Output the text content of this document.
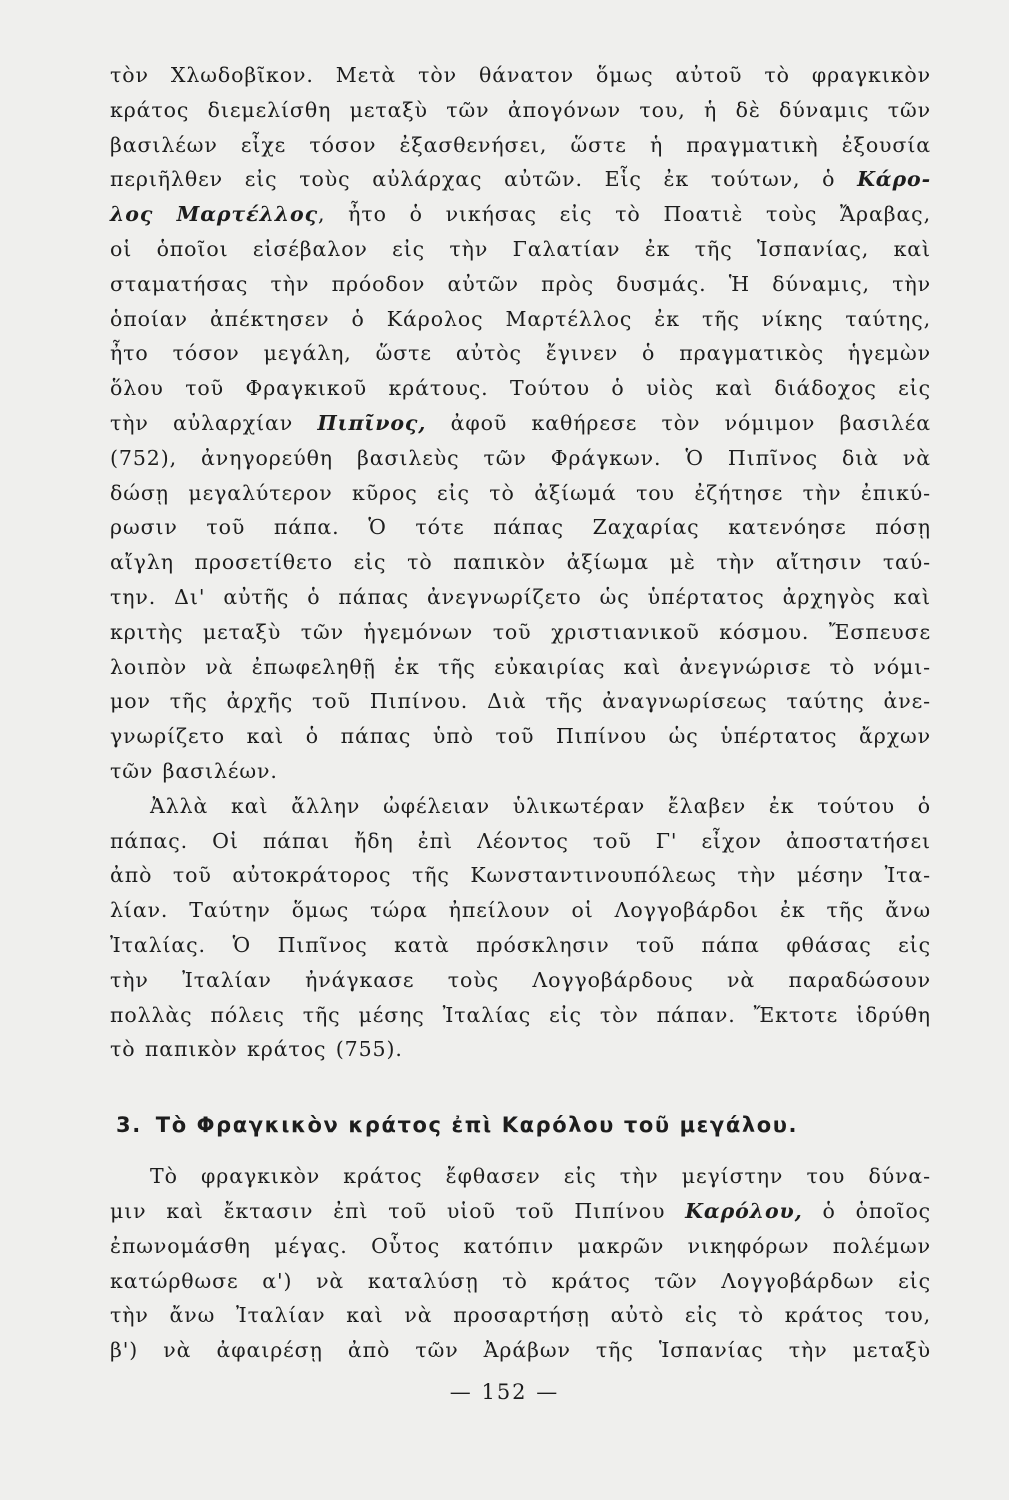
τὸν Χλωδοβῖκον. Μετὰ τὸν θάνατον ὅμως αὐτοῦ τὸ φραγκικὸν

κράτος διεμελίσθη μεταξὺ τῶν ἀπογόνων του, ἡ δὲ δύναμις τῶν

βασιλέων εἶχε τόσον ἐξασθενήσει, ὥστε ἡ πραγματικὴ ἐξουσία

περιῆλθεν εἰς τοὺς αὐλάρχας αὐτῶν. Εἷς ἐκ τούτων, ὁ Κάρο-

λος Μαρτέλλος, ἦτο ὁ νικήσας εἰς τὸ Ποατιὲ τοὺς Ἄραβας,

οἱ ὁποῖοι εἰσέβαλον εἰς τὴν Γαλατίαν ἐκ τῆς Ἱσπανίας, καὶ

σταματήσας τὴν πρόοδον αὐτῶν πρὸς δυσμάς. Ἡ δύναμις, τὴν

ὁποίαν ἀπέκτησεν ὁ Κάρολος Μαρτέλλος ἐκ τῆς νίκης ταύτης,

ἦτο τόσον μεγάλη, ὥστε αὐτὸς ἔγινεν ὁ πραγματικὸς ἡγεμὼν

ὅλου τοῦ Φραγκικοῦ κράτους. Τούτου ὁ υἱὸς καὶ διάδοχος εἰς

τὴν αὐλαρχίαν Πιπῖνος, ἀφοῦ καθήρεσε τὸν νόμιμον βασιλέα

(752), ἀνηγορεύθη βασιλεὺς τῶν Φράγκων. Ὁ Πιπῖνος διὰ νὰ

δώσῃ μεγαλύτερον κῦρος εἰς τὸ ἀξίωμά του ἐζήτησε τὴν ἐπικύ-

ρωσιν τοῦ πάπα. Ὁ τότε πάπας Ζαχαρίας κατενόησε πόσῃ

αἴγλη προσετίθετο εἰς τὸ παπικὸν ἀξίωμα μὲ τὴν αἴτησιν ταύ-

την. Δι' αὐτῆς ὁ πάπας ἀνεγνωρίζετο ὡς ὑπέρτατος ἀρχηγὸς καὶ

κριτὴς μεταξὺ τῶν ἡγεμόνων τοῦ χριστιανικοῦ κόσμου. Ἔσπευσε

λοιπὸν νὰ ἐπωφεληθῇ ἐκ τῆς εὐκαιρίας καὶ ἀνεγνώρισε τὸ νόμι-

μον τῆς ἀρχῆς τοῦ Πιπίνου. Διὰ τῆς ἀναγνωρίσεως ταύτης ἀνε-

γνωρίζετο καὶ ὁ πάπας ὑπὸ τοῦ Πιπίνου ὡς ὑπέρτατος ἄρχων

τῶν βασιλέων.

Ἀλλὰ καὶ ἄλλην ὠφέλειαν ὑλικωτέραν ἔλαβεν ἐκ τούτου ὁ

πάπας. Οἱ πάπαι ἤδη ἐπὶ Λέοντος τοῦ Γ' εἶχον ἀποστατήσει

ἀπὸ τοῦ αὐτοκράτορος τῆς Κωνσταντινουπόλεως τὴν μέσην Ἰτα-

λίαν. Ταύτην ὅμως τώρα ἠπείλουν οἱ Λογγοβάρδοι ἐκ τῆς ἄνω

Ἰταλίας. Ὁ Πιπῖνος κατὰ πρόσκλησιν τοῦ πάπα φθάσας εἰς

τὴν Ἰταλίαν ἠνάγκασε τοὺς Λογγοβάρδους νὰ παραδώσουν

πολλὰς πόλεις τῆς μέσης Ἰταλίας εἰς τὸν πάπαν. Ἔκτοτε ἱδρύθη

τὸ παπικὸν κράτος (755).

3. Τὸ Φραγκικὸν κράτος ἐπὶ Καρόλου τοῦ μεγάλου.

Τὸ φραγκικὸν κράτος ἔφθασεν εἰς τὴν μεγίστην του δύνα-

μιν καὶ ἔκτασιν ἐπὶ τοῦ υἱοῦ τοῦ Πιπίνου Καρόλου, ὁ ὁποῖος

ἐπωνομάσθη μέγας. Οὗτος κατόπιν μακρῶν νικηφόρων πολέμων

κατώρθωσε α') νὰ καταλύσῃ τὸ κράτος τῶν Λογγοβάρδων εἰς

τὴν ἄνω Ἰταλίαν καὶ νὰ προσαρτήσῃ αὐτὸ εἰς τὸ κράτος του,

β') νὰ ἀφαιρέσῃ ἀπὸ τῶν Ἀράβων τῆς Ἱσπανίας τὴν μεταξὺ

— 152 —
